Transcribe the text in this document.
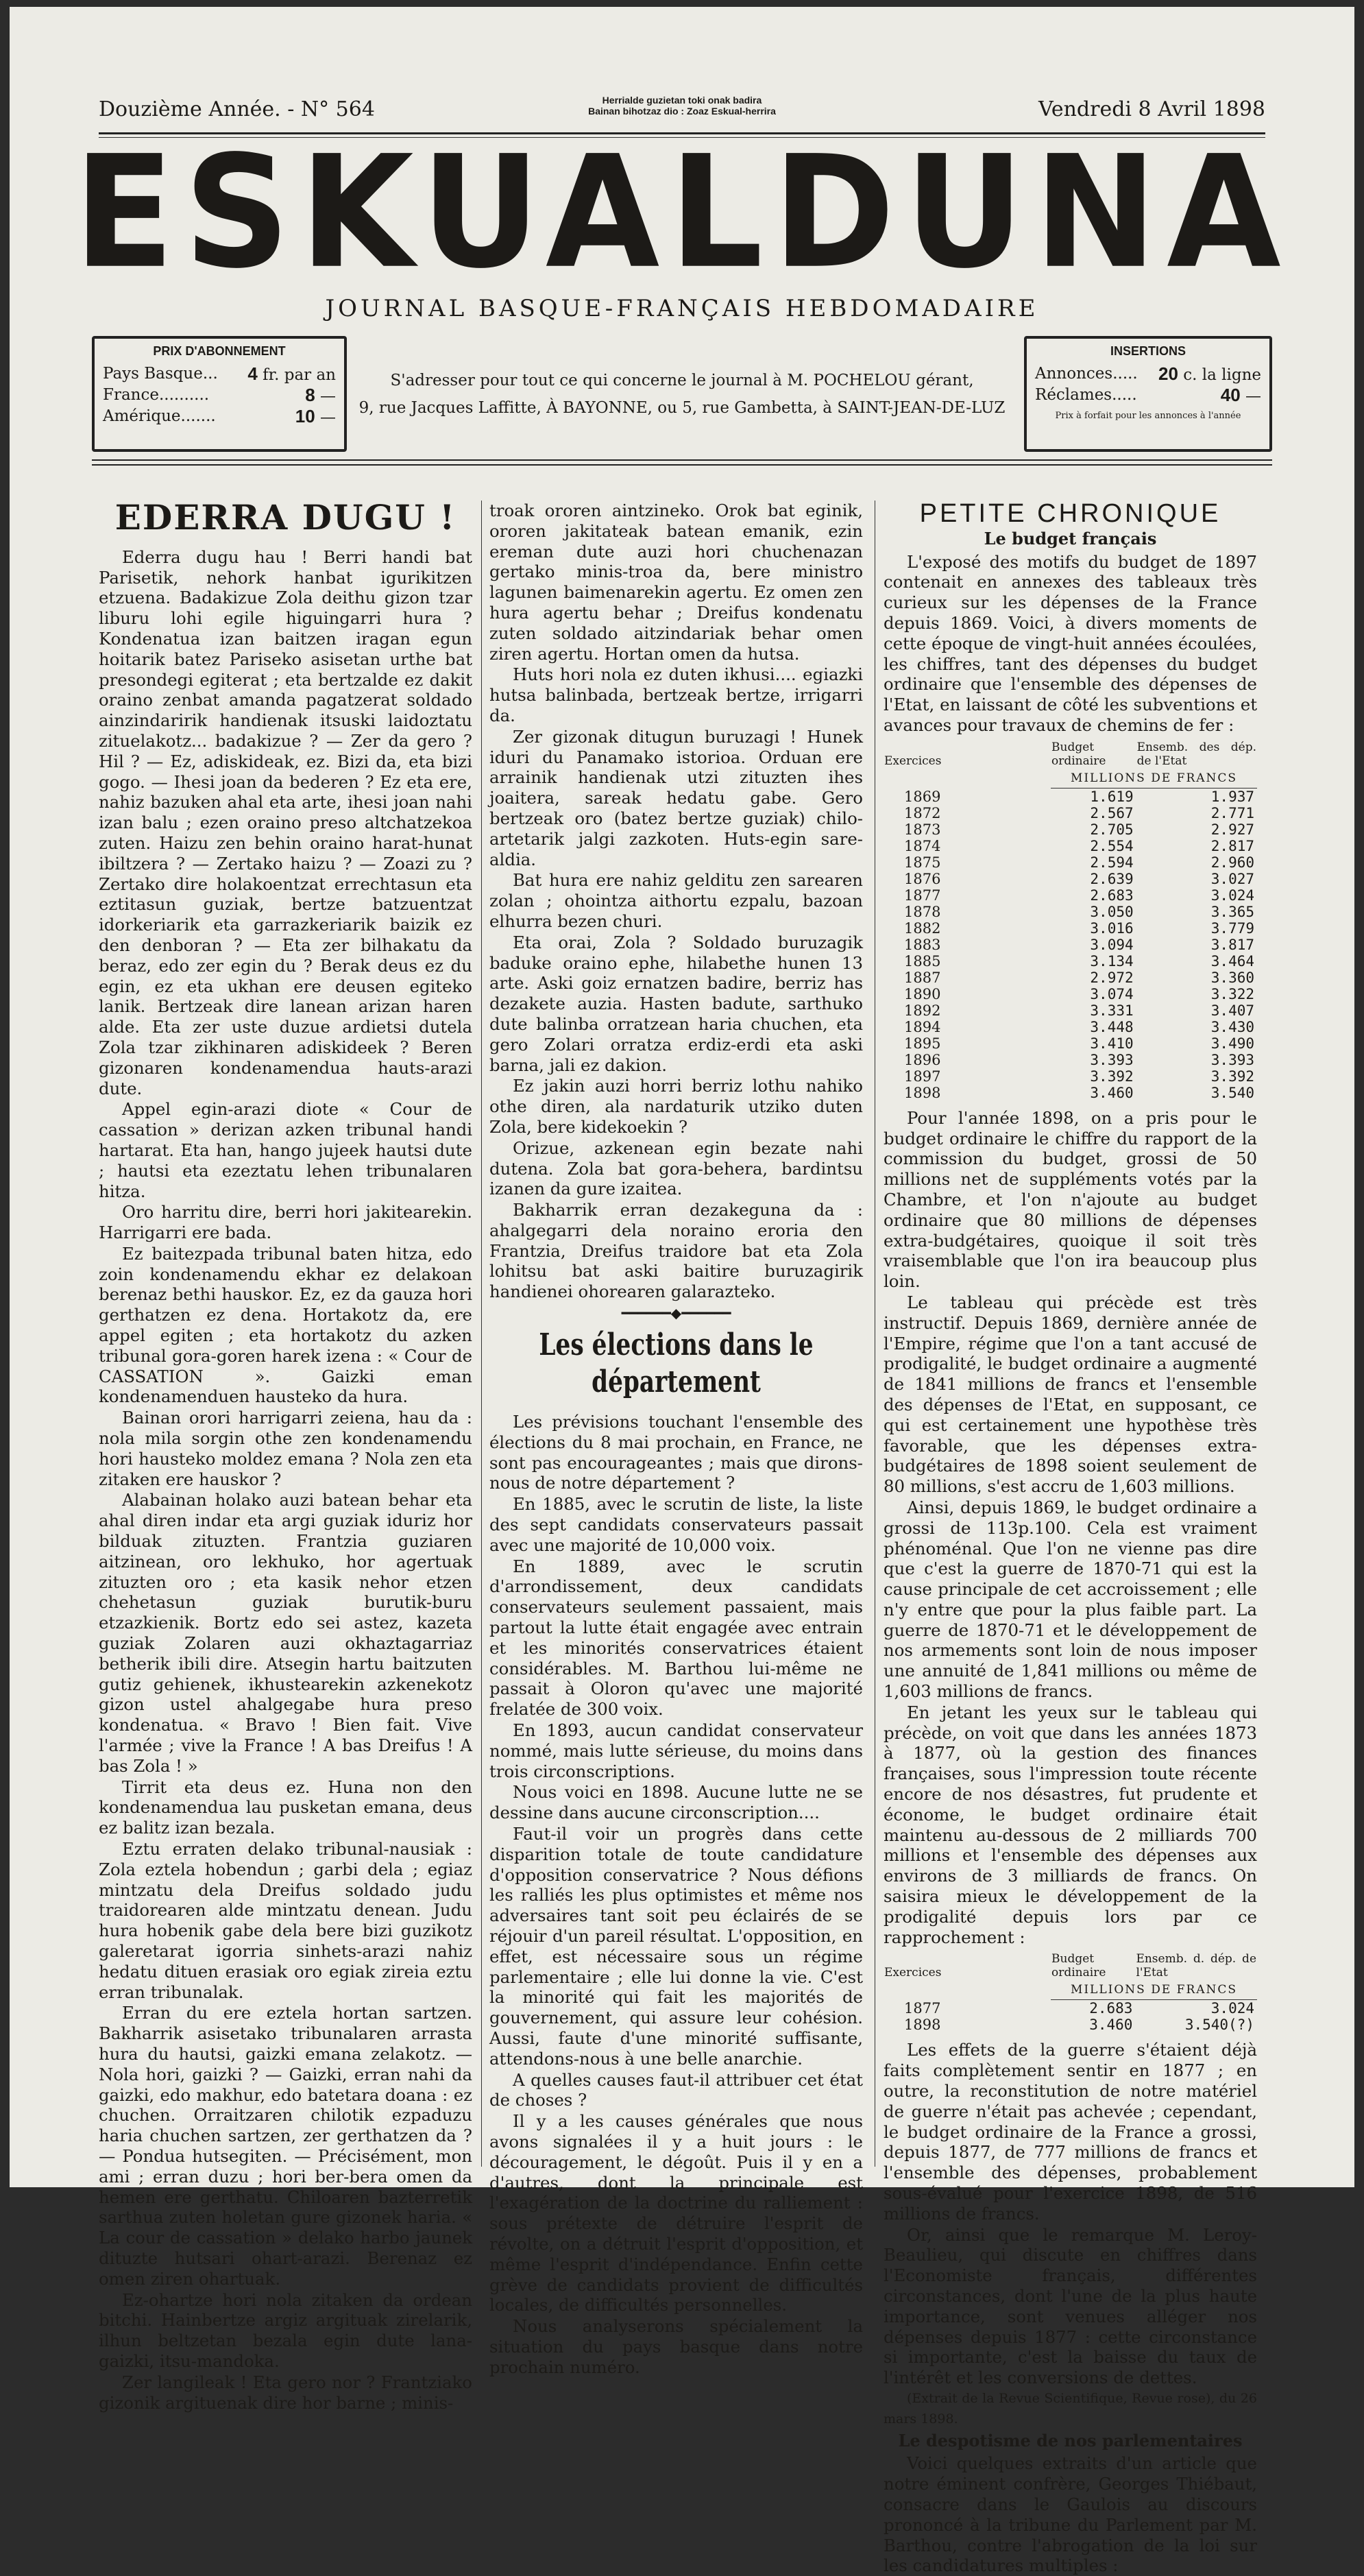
Douzième Année. - N° 564	Herrialde guzietan toki onak badira
Bainan bihotzaz dio : Zoaz Eskual-herrira	Vendredi 8 Avril 1898
ESKUALDUNA
JOURNAL BASQUE-FRANÇAIS HEBDOMADAIRE
PRIX D'ABONNEMENT
Pays Basque... 4 fr. par an
France..........	8 —
Amérique.......	10 —
S'adresser pour tout ce qui concerne le journal à M. POCHELOU gérant,
9, rue Jacques Laffitte, À BAYONNE, ou 5, rue Gambetta, à SAINT-JEAN-DE-LUZ
INSERTIONS
Annonces..... 20 c. la ligne
Réclames.....	40 —
Prix à forfait pour les annonces à l'année
EDERRA DUGU !

Ederra dugu hau ! Berri handi bat Parisetik, nehork hanbat igurikitzen etzuena. Badakizue Zola deithu gizon tzar liburu lohi egile higuingarri hura ? Kondenatua izan baitzen iragan egun hoitarik batez Pariseko asisetan urthe bat presondegi egiterat ; eta bertzalde ez dakit oraino zenbat amanda pagatzerat soldado ainzindaririk handienak itsuski laidoztatu zituelakotz... badakizue ? — Zer da gero ? Hil ? — Ez, adiskideak, ez. Bizi da, eta bizi gogo. — Ihesi joan da bederen ? Ez eta ere, nahiz bazuken ahal eta arte, ihesi joan nahi izan balu ; ezen oraino preso altchatzekoa zuten. Haizu zen behin oraino harat-hunat ibiltzera ? — Zertako haizu ? — Zoazi zu ? Zertako dire holakoentzat errechtasun eta eztitasun guziak, bertze batzuentzat idorkeriarik eta garrazkeriarik baizik ez den denboran ? — Eta zer bilhakatu da beraz, edo zer egin du ? Berak deus ez du egin, ez eta ukhan ere deusen egiteko lanik. Bertzeak dire lanean arizan haren alde. Eta zer uste duzue ardietsi dutela Zola tzar zikhinaren adiskideek ? Beren gizonaren kondenamendua hauts-arazi dute.

Appel egin-arazi diote « Cour de cassation » derizan azken tribunal handi hartarat. Eta han, hango jujeek hautsi dute ; hautsi eta ezeztatu lehen tribunalaren hitza.

Oro harritu dire, berri hori jakitearekin. Harrigarri ere bada.

Ez baitezpada tribunal baten hitza, edo zoin kondenamendu ekhar ez delakoan berenaz bethi hauskor. Ez, ez da gauza hori gerthatzen ez dena. Hortakotz da, ere appel egiten ; eta hortakotz du azken tribunal gora-goren harek izena : « Cour de CASSATION ». Gaizki eman kondenamenduen hausteko da hura.

Bainan orori harrigarri zeiena, hau da : nola mila sorgin othe zen kondenamendu hori hausteko moldez emana ? Nola zen eta zitaken ere hauskor ?

Alabainan holako auzi batean behar eta ahal diren indar eta argi guziak iduriz hor bilduak zituzten. Frantzia guziaren aitzinean, oro lekhuko, hor agertuak zituzten oro ; eta kasik nehor etzen chehetasun guziak burutik-buru etzazkienik. Bortz edo sei astez, kazeta guziak Zolaren auzi okhaztagarriaz betherik ibili dire. Atsegin hartu baitzuten gutiz gehienek, ikhustearekin azkenekotz gizon ustel ahalgegabe hura preso kondenatua. « Bravo ! Bien fait. Vive l'armée ; vive la France ! A bas Dreifus ! A bas Zola ! »

Tirrit eta deus ez. Huna non den kondenamendua lau pusketan emana, deus ez balitz izan bezala.

Eztu erraten delako tribunal-nausiak : Zola eztela hobendun ; garbi dela ; egiaz mintzatu dela Dreifus soldado judu traidorearen alde mintzatu denean. Judu hura hobenik gabe dela bere bizi guzikotz galeretarat igorria sinhets-arazi nahiz hedatu dituen erasiak oro egiak zireia eztu erran tribunalak.

Erran du ere eztela hortan sartzen. Bakharrik asisetako tribunalaren arrasta hura du hautsi, gaizki emana zelakotz. — Nola hori, gaizki ? — Gaizki, erran nahi da gaizki, edo makhur, edo batetara doana : ez chuchen. Orraitzaren chilotik ezpaduzu haria chuchen sartzen, zer gerthatzen da ? — Pondua hutsegiten. — Précisément, mon ami ; erran duzu ; hori ber-bera omen da hemen ere gerthatu. Chiloaren bazterretik sarthua zuten holetan gure gizonek haria. « La cour de cassation » delako harbo jaunek dituzte hutsari ohart-arazi. Berenaz ez omen ziren ohartuak.

Ez-ohartze hori nola zitaken da ordean bitchi. Hainbertze argiz argituak zirelarik, ilhun beltzetan bezala egin dute lana-gaizki, itsu-mandoka.

Zer langileak ! Eta gero nor ? Frantziako gizonik argituenak dire hor barne ; minis-

troak ororen aintzineko. Orok bat eginik, ororen jakitateak batean emanik, ezin ereman dute auzi hori chuchenazan gertako minis-troa da, bere ministro lagunen baimenarekin agertu. Ez omen zen hura agertu behar ; Dreifus kondenatu zuten soldado aitzindariak behar omen ziren agertu. Hortan omen da hutsa.

Huts hori nola ez duten ikhusi.... egiazki hutsa balinbada, bertzeak bertze, irrigarri da.

Zer gizonak ditugun buruzagi ! Hunek iduri du Panamako istorioa. Orduan ere arrainik handienak utzi zituzten ihes joaitera, sareak hedatu gabe. Gero bertzeak oro (batez bertze guziak) chilo-artetarik jalgi zazkoten. Huts-egin sare-aldia.

Bat hura ere nahiz gelditu zen sarearen zolan ; ohointza aithortu ezpalu, bazoan elhurra bezen churi.

Eta orai, Zola ? Soldado buruzagik baduke oraino ephe, hilabethe hunen 13 arte. Aski goiz ernatzen badire, berriz has dezakete auzia. Hasten badute, sarthuko dute balinba orratzean haria chuchen, eta gero Zolari orratza erdiz-erdi eta aski barna, jali ez dakion.

Ez jakin auzi horri berriz lothu nahiko othe diren, ala nardaturik utziko duten Zola, bere kidekoekin ?

Orizue, azkenean egin bezate nahi dutena. Zola bat gora-behera, bardintsu izanen da gure izaitea.

Bakharrik erran dezakeguna da : ahalgegarri dela noraino eroria den Frantzia, Dreifus traidore bat eta Zola lohitsu bat aski baitire buruzagirik handienei ohorearen galarazteko.

━━━━━━◆━━━━━━
Les élections dans le département

Les prévisions touchant l'ensemble des élections du 8 mai prochain, en France, ne sont pas encourageantes ; mais que dirons-nous de notre département ?

En 1885, avec le scrutin de liste, la liste des sept candidats conservateurs passait avec une majorité de 10,000 voix.

En 1889, avec le scrutin d'arrondissement, deux candidats conservateurs seulement passaient, mais partout la lutte était engagée avec entrain et les minorités conservatrices étaient considérables. M. Barthou lui-même ne passait à Oloron qu'avec une majorité frelatée de 300 voix.

En 1893, aucun candidat conservateur nommé, mais lutte sérieuse, du moins dans trois circonscriptions.

Nous voici en 1898. Aucune lutte ne se dessine dans aucune circonscription....

Faut-il voir un progrès dans cette disparition totale de toute candidature d'opposition conservatrice ? Nous défions les ralliés les plus optimistes et même nos adversaires tant soit peu éclairés de se réjouir d'un pareil résultat. L'opposition, en effet, est nécessaire sous un régime parlementaire ; elle lui donne la vie. C'est la minorité qui fait les majorités de gouvernement, qui assure leur cohésion. Aussi, faute d'une minorité suffisante, attendons-nous à une belle anarchie.

A quelles causes faut-il attribuer cet état de choses ?

Il y a les causes générales que nous avons signalées il y a huit jours : le découragement, le dégoût. Puis il y en a d'autres, dont la principale est l'exagération de la doctrine du ralliement : sous prétexte de détruire l'esprit de révolte, on a détruit l'esprit d'opposition, et même l'esprit d'indépendance. Enfin cette grève de candidats provient de difficultés locales, de difficultés personnelles.

Nous analyserons spécialement la situation du pays basque dans notre prochain numéro.

PETITE CHRONIQUE
Le budget français

L'exposé des motifs du budget de 1897 contenait en annexes des tableaux très curieux sur les dépenses de la France depuis 1869. Voici, à divers moments de cette époque de vingt-huit années écoulées, les chiffres, tant des dépenses du budget ordinaire que l'ensemble des dépenses de l'Etat, en laissant de côté les subventions et avances pour travaux de chemins de fer :

Exercices	Budget ordinaire	Ensemb. des dép. de l'Etat
	MILLIONS DE FRANCS	
1869	1.619	1.937
1872	2.567	2.771
1873	2.705	2.927
1874	2.554	2.817
1875	2.594	2.960
1876	2.639	3.027
1877	2.683	3.024
1878	3.050	3.365
1882	3.016	3.779
1883	3.094	3.817
1885	3.134	3.464
1887	2.972	3.360
1890	3.074	3.322
1892	3.331	3.407
1894	3.448	3.430
1895	3.410	3.490
1896	3.393	3.393
1897	3.392	3.392
1898	3.460	3.540

Pour l'année 1898, on a pris pour le budget ordinaire le chiffre du rapport de la commission du budget, grossi de 50 millions net de suppléments votés par la Chambre, et l'on n'ajoute au budget ordinaire que 80 millions de dépenses extra-budgétaires, quoique il soit très vraisemblable que l'on ira beaucoup plus loin.

Le tableau qui précède est très instructif. Depuis 1869, dernière année de l'Empire, régime que l'on a tant accusé de prodigalité, le budget ordinaire a augmenté de 1841 millions de francs et l'ensemble des dépenses de l'Etat, en supposant, ce qui est certainement une hypothèse très favorable, que les dépenses extra-budgétaires de 1898 soient seulement de 80 millions, s'est accru de 1,603 millions.

Ainsi, depuis 1869, le budget ordinaire a grossi de 113p.100. Cela est vraiment phénoménal. Que l'on ne vienne pas dire que c'est la guerre de 1870-71 qui est la cause principale de cet accroissement ; elle n'y entre que pour la plus faible part. La guerre de 1870-71 et le développement de nos armements sont loin de nous imposer une annuité de 1,841 millions ou même de 1,603 millions de francs.

En jetant les yeux sur le tableau qui précède, on voit que dans les années 1873 à 1877, où la gestion des finances françaises, sous l'impression toute récente encore de nos désastres, fut prudente et économe, le budget ordinaire était maintenu au-dessous de 2 milliards 700 millions et l'ensemble des dépenses aux environs de 3 milliards de francs. On saisira mieux le développement de la prodigalité depuis lors par ce rapprochement :

Exercices	Budget ordinaire	Ensemb. d. dép. de l'Etat
	MILLIONS DE FRANCS	
1877	2.683	3.024
1898	3.460	3.540(?)

Les effets de la guerre s'étaient déjà faits complètement sentir en 1877 ; en outre, la reconstitution de notre matériel de guerre n'était pas achevée ; cependant, le budget ordinaire de la France a grossi, depuis 1877, de 777 millions de francs et l'ensemble des dépenses, probablement sous-évalué pour l'exercice 1898, de 516 millions de francs.

Or, ainsi que le remarque M. Leroy-Beaulieu, qui discute en chiffres dans l'Economiste français, différentes circonstances, dont l'une de la plus haute importance, sont venues alléger nos dépenses depuis 1877 : cette circonstance si importante, c'est la baisse du taux de l'intérêt et les conversions de dettes.

(Extrait de la Revue Scientifique, Revue rose), du 26 mars 1898.

Le despotisme de nos parlementaires

Voici quelques extraits d'un article que notre éminent confrère, Georges Thiébaut, consacre dans le Gaulois au discours prononcé à la tribune du Parlement par M. Barthou, contre l'abrogation de la loi sur les candidatures multiples :
